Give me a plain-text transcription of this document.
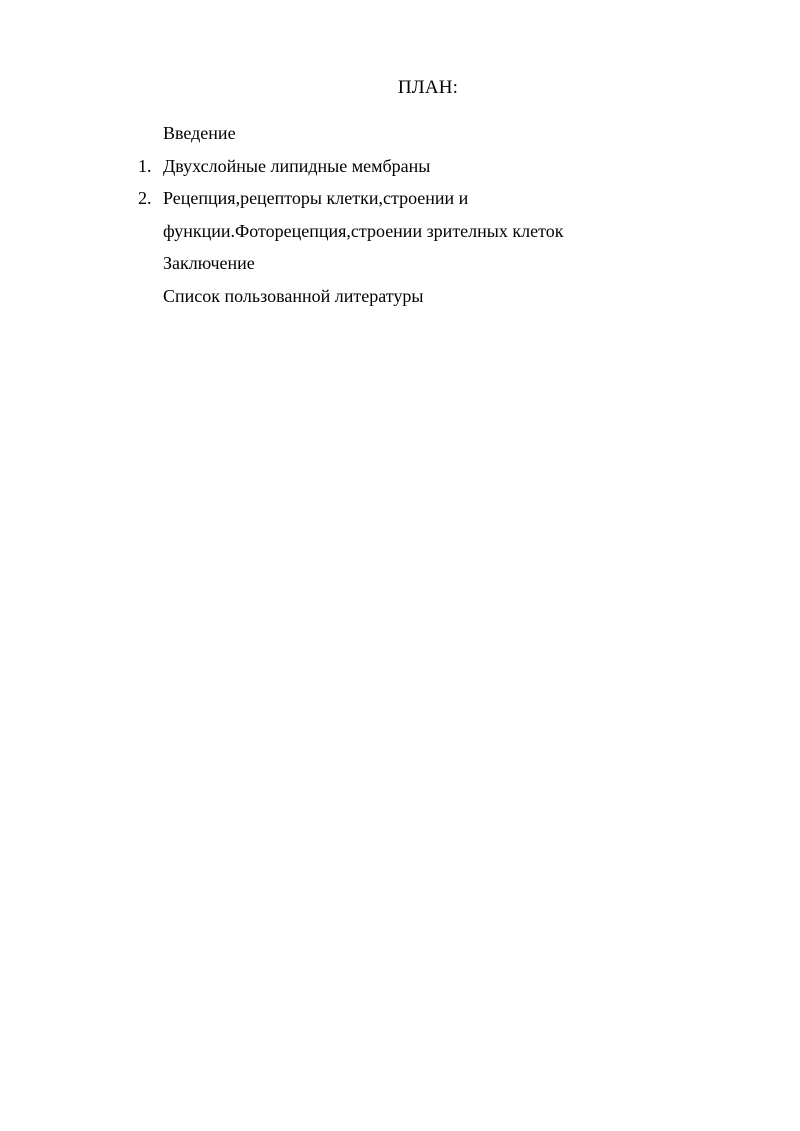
ПЛАН:
Введение
1. Двухслойные липидные мембраны
2. Рецепция,рецепторы клетки,строении и
функции.Фоторецепция,строении зрителных клеток
Заключение
Список пользованной литературы
